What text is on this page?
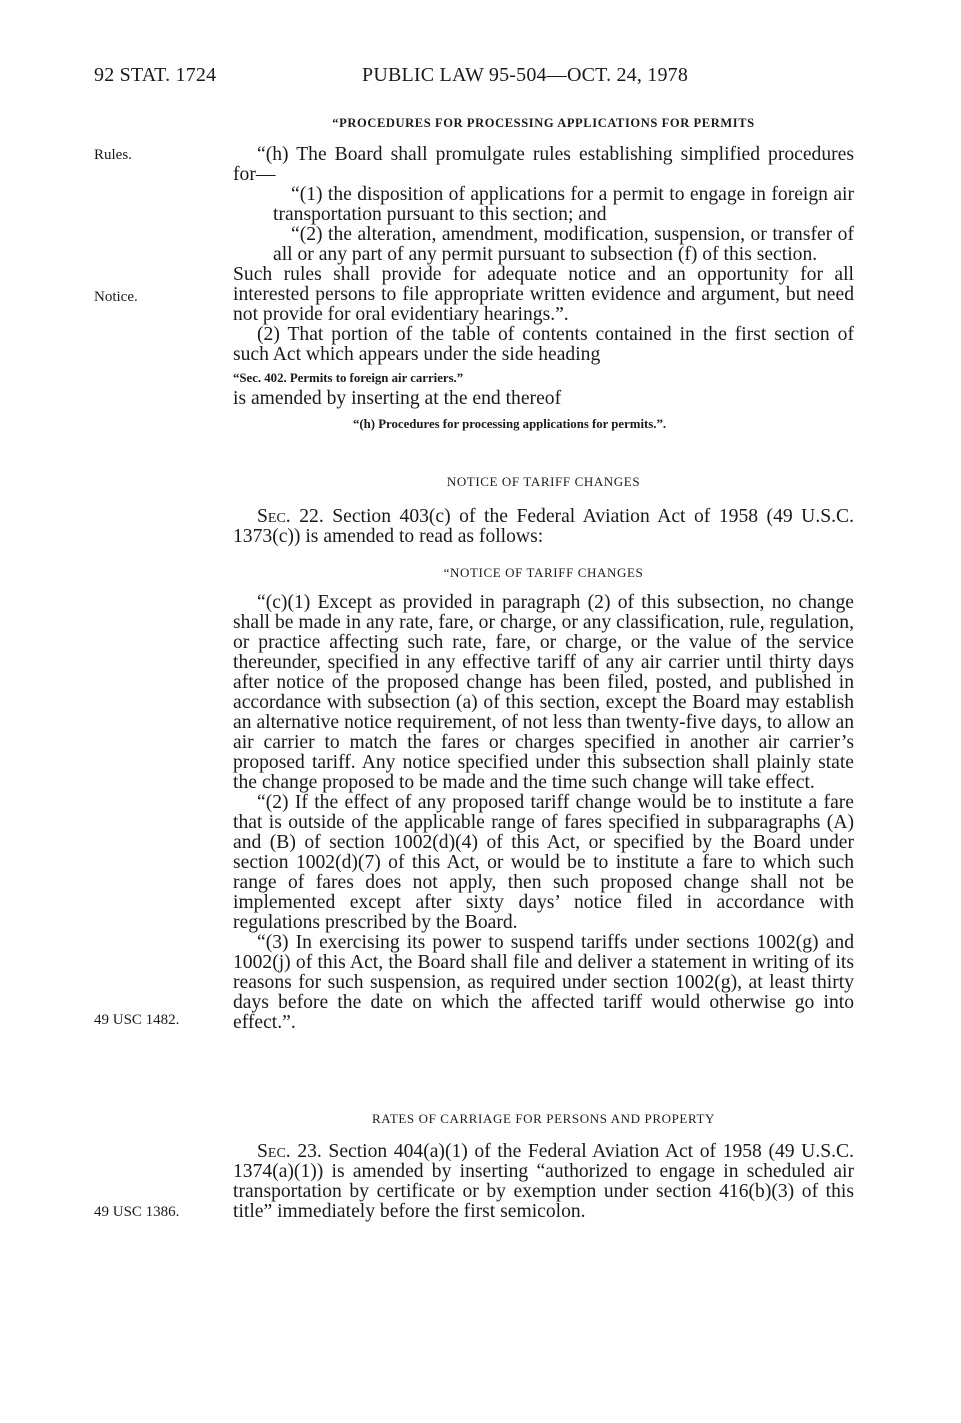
92 STAT. 1724	PUBLIC LAW 95-504—OCT. 24, 1978
Rules.
Notice.
49 USC 1482.
49 USC 1386.
“PROCEDURES FOR PROCESSING APPLICATIONS FOR PERMITS

“(h) The Board shall promulgate rules establishing simplified procedures for—

“(1) the disposition of applications for a permit to engage in foreign air transportation pursuant to this section; and

“(2) the alteration, amendment, modification, suspension, or transfer of all or any part of any permit pursuant to subsection (f) of this section.

Such rules shall provide for adequate notice and an opportunity for all interested persons to file appropriate written evidence and argument, but need not provide for oral evidentiary hearings.”.

(2) That portion of the table of contents contained in the first section of such Act which appears under the side heading

“Sec. 402. Permits to foreign air carriers.”

is amended by inserting at the end thereof

“(h) Procedures for processing applications for permits.”.

NOTICE OF TARIFF CHANGES

Sec. 22. Section 403(c) of the Federal Aviation Act of 1958 (49 U.S.C. 1373(c)) is amended to read as follows:

“NOTICE OF TARIFF CHANGES

“(c)(1) Except as provided in paragraph (2) of this subsection, no change shall be made in any rate, fare, or charge, or any classification, rule, regulation, or practice affecting such rate, fare, or charge, or the value of the service thereunder, specified in any effective tariff of any air carrier until thirty days after notice of the proposed change has been filed, posted, and published in accordance with subsection (a) of this section, except the Board may establish an alternative notice requirement, of not less than twenty-five days, to allow an air carrier to match the fares or charges specified in another air carrier’s proposed tariff. Any notice specified under this subsection shall plainly state the change proposed to be made and the time such change will take effect.

“(2) If the effect of any proposed tariff change would be to institute a fare that is outside of the applicable range of fares specified in subparagraphs (A) and (B) of section 1002(d)(4) of this Act, or specified by the Board under section 1002(d)(7) of this Act, or would be to institute a fare to which such range of fares does not apply, then such proposed change shall not be implemented except after sixty days’ notice filed in accordance with regulations prescribed by the Board.

“(3) In exercising its power to suspend tariffs under sections 1002(g) and 1002(j) of this Act, the Board shall file and deliver a statement in writing of its reasons for such suspension, as required under section 1002(g), at least thirty days before the date on which the affected tariff would otherwise go into effect.”.

RATES OF CARRIAGE FOR PERSONS AND PROPERTY

Sec. 23. Section 404(a)(1) of the Federal Aviation Act of 1958 (49 U.S.C. 1374(a)(1)) is amended by inserting “authorized to engage in scheduled air transportation by certificate or by exemption under section 416(b)(3) of this title” immediately before the first semicolon.
